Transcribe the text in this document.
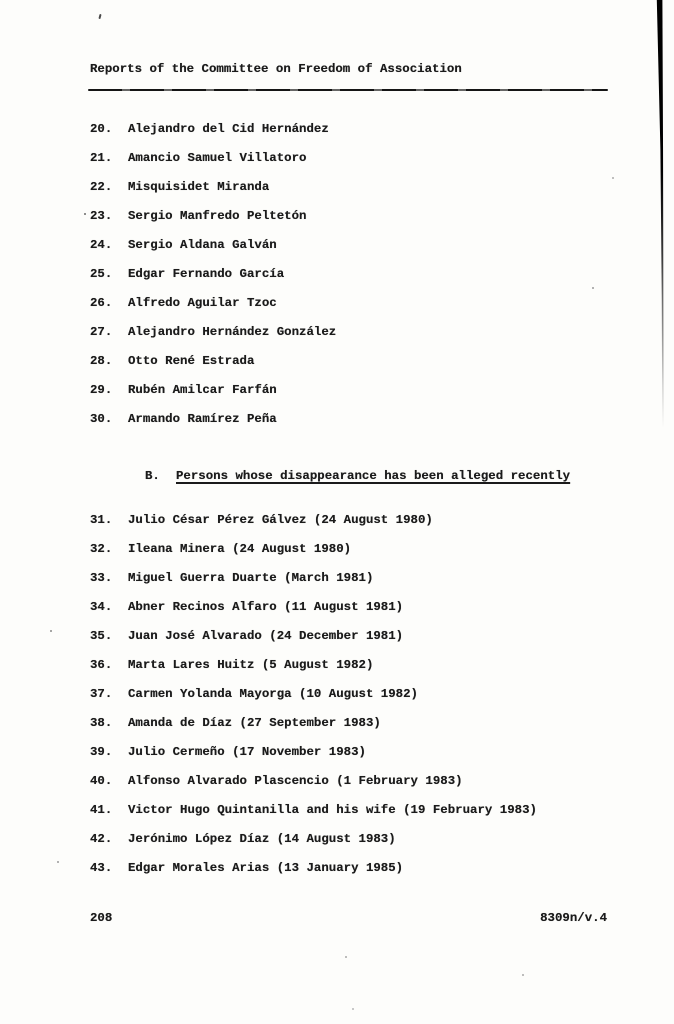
Reports of the Committee on Freedom of Association
20. Alejandro del Cid Hernández
21. Amancio Samuel Villatoro
22. Misquisidet Miranda
23. Sergio Manfredo Peltetón
24. Sergio Aldana Galván
25. Edgar Fernando García
26. Alfredo Aguilar Tzoc
27. Alejandro Hernández González
28. Otto René Estrada
29. Rubén Amilcar Farfán
30. Armando Ramírez Peña
B. Persons whose disappearance has been alleged recently
31. Julio César Pérez Gálvez (24 August 1980)
32. Ileana Minera (24 August 1980)
33. Miguel Guerra Duarte (March 1981)
34. Abner Recinos Alfaro (11 August 1981)
35. Juan José Alvarado (24 December 1981)
36. Marta Lares Huitz (5 August 1982)
37. Carmen Yolanda Mayorga (10 August 1982)
38. Amanda de Díaz (27 September 1983)
39. Julio Cermeño (17 November 1983)
40. Alfonso Alvarado Plascencio (1 February 1983)
41. Victor Hugo Quintanilla and his wife (19 February 1983)
42. Jerónimo López Díaz (14 August 1983)
43. Edgar Morales Arias (13 January 1985)
208	8309n/v.4
